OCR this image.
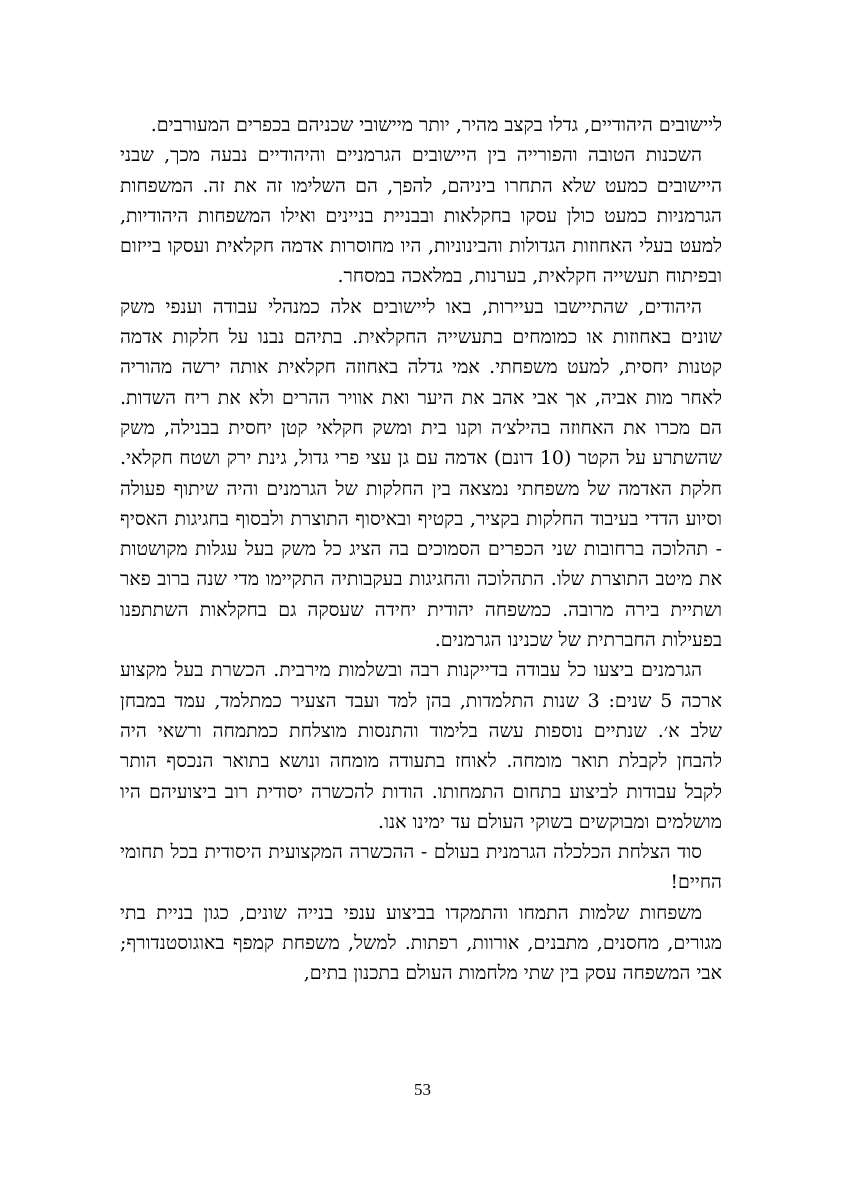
ליישובים היהודיים, גדלו בקצב מהיר, יותר מיישובי שכניהם בכפרים המעורבים.

השכנות הטובה והפורייה בין היישובים הגרמניים והיהודיים נבעה מכך, שבני היישובים כמעט שלא התחרו ביניהם, להפך, הם השלימו זה את זה. המשפחות הגרמניות כמעט כולן עסקו בחקלאות ובבניית בניינים ואילו המשפחות היהודיות, למעט בעלי האחוזות הגדולות והבינוניות, היו מחוסרות אדמה חקלאית ועסקו בייזום ובפיתוח תעשייה חקלאית, בערנות, במלאכה במסחר.

היהודים, שהתיישבו בעיירות, באו ליישובים אלה כמנהלי עבודה וענפי משק שונים באחוזות או כמומחים בתעשייה החקלאית. בתיהם נבנו על חלקות אדמה קטנות יחסית, למעט משפחתי. אמי גדלה באחוזה חקלאית אותה ירשה מהוריה לאחר מות אביה, אך אבי אהב את היער ואת אוויר ההרים ולא את ריח השדות. הם מכרו את האחוזה בהילצ׳ה וקנו בית ומשק חקלאי קטן יחסית בבנילה, משק שהשתרע על הקטר (10 דונם) אדמה עם גן עצי פרי גדול, גינת ירק ושטח חקלאי. חלקת האדמה של משפחתי נמצאה בין החלקות של הגרמנים והיה שיתוף פעולה וסיוע הדדי בעיבוד החלקות בקציר, בקטיף ובאיסוף התוצרת ולבסוף בחגיגות האסיף - תהלוכה ברחובות שני הכפרים הסמוכים בה הציג כל משק בעל עגלות מקושטות את מיטב התוצרת שלו. התהלוכה והחגיגות בעקבותיה התקיימו מדי שנה ברוב פאר ושתיית בירה מרובה. כמשפחה יהודית יחידה שעסקה גם בחקלאות השתתפנו בפעילות החברתית של שכנינו הגרמנים.

הגרמנים ביצעו כל עבודה בדייקנות רבה ובשלמות מירבית. הכשרת בעל מקצוע ארכה 5 שנים: 3 שנות התלמדות, בהן למד ועבד הצעיר כמתלמד, עמד במבחן שלב א׳. שנתיים נוספות עשה בלימוד והתנסות מוצלחת כמתמחה ורשאי היה להבחן לקבלת תואר מומחה. לאוחז בתעודה מומחה ונושא בתואר הנכסף הותר לקבל עבודות לביצוע בתחום התמחותו. הודות להכשרה יסודית רוב ביצועיהם היו מושלמים ומבוקשים בשוקי העולם עד ימינו אנו.

סוד הצלחת הכלכלה הגרמנית בעולם - ההכשרה המקצועית היסודית בכל תחומי החיים!

משפחות שלמות התמחו והתמקדו בביצוע ענפי בנייה שונים, כגון בניית בתי מגורים, מחסנים, מתבנים, אורוות, רפתות. למשל, משפחת קמפף באוגוסטנדורף; אבי המשפחה עסק בין שתי מלחמות העולם בתכנון בתים,

53
